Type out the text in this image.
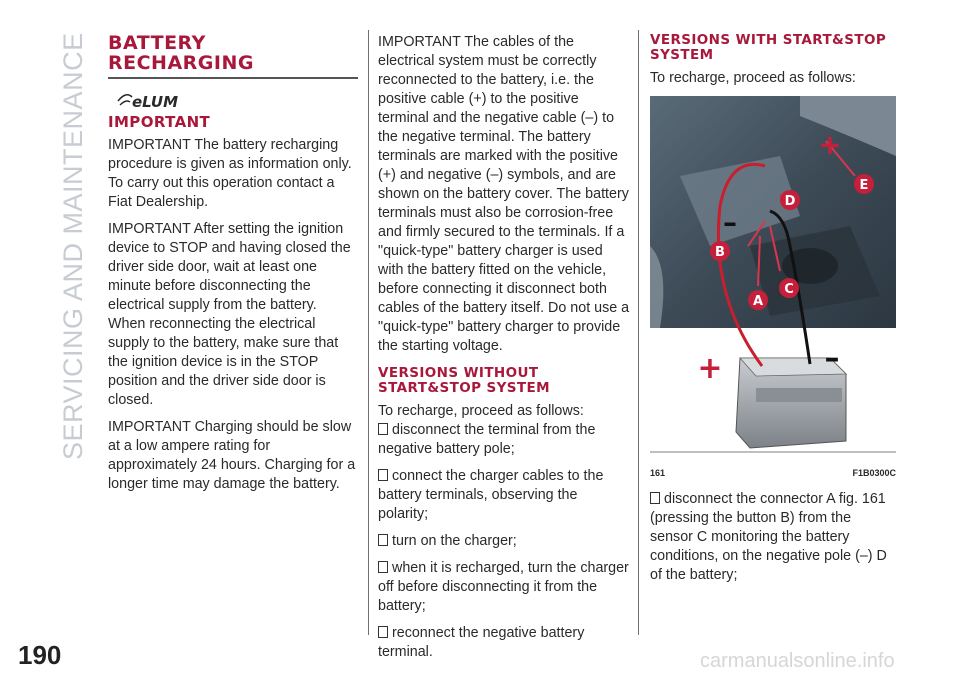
SERVICING AND MAINTENANCE
190	carmanualsonline.info
BATTERY RECHARGING
eLUM
IMPORTANT

IMPORTANT The battery recharging procedure is given as information only. To carry out this operation contact a Fiat Dealership.

IMPORTANT After setting the ignition device to STOP and having closed the driver side door, wait at least one minute before disconnecting the electrical supply from the battery. When reconnecting the electrical supply to the battery, make sure that the ignition device is in the STOP position and the driver side door is closed.

IMPORTANT Charging should be slow at a low ampere rating for approximately 24 hours. Charging for a longer time may damage the battery.

IMPORTANT The cables of the electrical system must be correctly reconnected to the battery, i.e. the positive cable (+) to the positive terminal and the negative cable (–) to the negative terminal. The battery terminals are marked with the positive (+) and negative (–) symbols, and are shown on the battery cover. The battery terminals must also be corrosion-free and firmly secured to the terminals. If a "quick-type" battery charger is used with the battery fitted on the vehicle, before connecting it disconnect both cables of the battery itself. Do not use a "quick-type" battery charger to provide the starting voltage.

VERSIONS WITHOUT START&STOP SYSTEM

To recharge, proceed as follows:

disconnect the terminal from the negative battery pole;

connect the charger cables to the battery terminals, observing the polarity;

turn on the charger;

when it is recharged, turn the charger off before disconnecting it from the battery;

reconnect the negative battery terminal.

VERSIONS WITH START&STOP SYSTEM

To recharge, proceed as follows:

E
D
B
C
A
+
–
+	–
161	F1B0300C

disconnect the connector A fig. 161 (pressing the button B) from the sensor C monitoring the battery conditions, on the negative pole (–) D of the battery;
